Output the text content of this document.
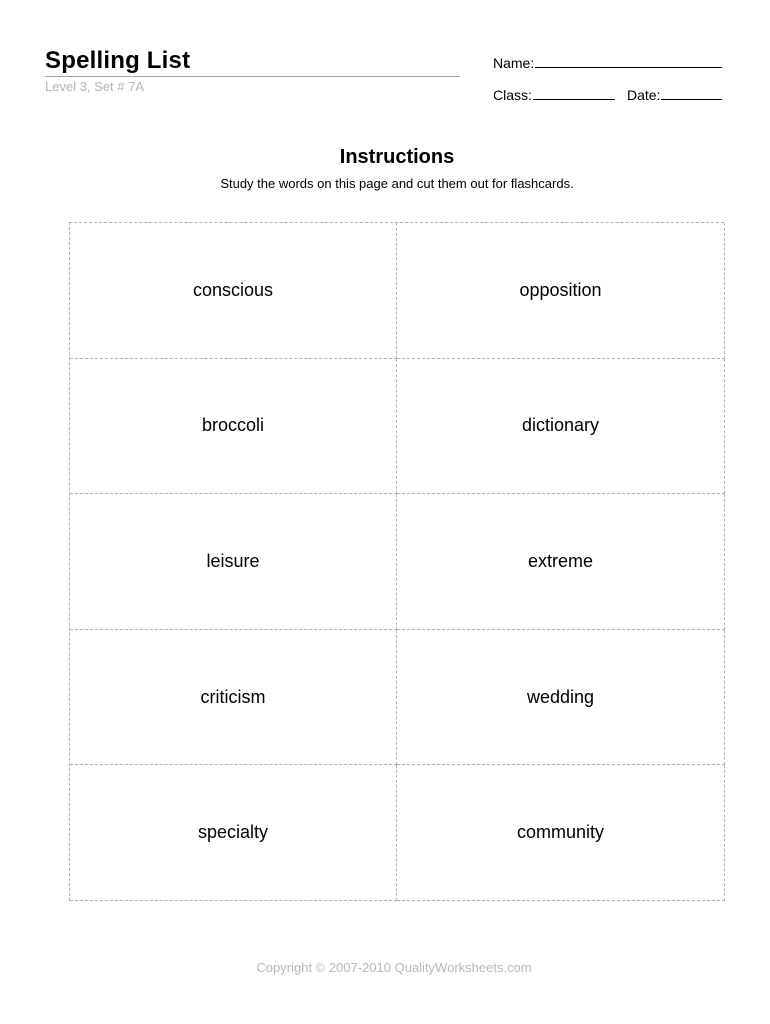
Spelling List
Level 3, Set # 7A
Name:
Class:	Date:
Instructions
Study the words on this page and cut them out for flashcards.
conscious	opposition
broccoli	dictionary
leisure	extreme
criticism	wedding
specialty	community
Copyright © 2007-2010 QualityWorksheets.com
